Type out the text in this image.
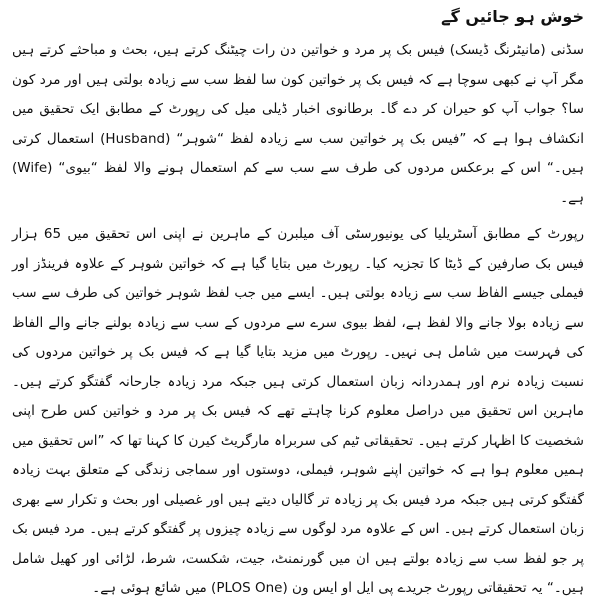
خوش ہو جائیں گے

سڈنی (مانیٹرنگ ڈیسک) فیس بک پر مرد و خواتین دن رات چیٹنگ کرتے ہیں، بحث و مباحثے کرتے ہیں مگر آپ نے کبھی سوچا ہے کہ فیس بک پر خواتین کون سا لفظ سب سے زیادہ بولتی ہیں اور مرد کون سا؟ جواب آپ کو حیران کر دے گا۔ برطانوی اخبار ڈیلی میل کی رپورٹ کے مطابق ایک تحقیق میں انکشاف ہوا ہے کہ ”فیس بک پر خواتین سب سے زیادہ لفظ “شوہر“ (Husband) استعمال کرتی ہیں۔“ اس کے برعکس مردوں کی طرف سے سب سے کم استعمال ہونے والا لفظ “بیوی“ (Wife) ہے۔

رپورٹ کے مطابق آسٹریلیا کی یونیورسٹی آف میلبرن کے ماہرین نے اپنی اس تحقیق میں 65 ہزار فیس بک صارفین کے ڈیٹا کا تجزیہ کیا۔ رپورٹ میں بتایا گیا ہے کہ خواتین شوہر کے علاوہ فرینڈز اور فیملی جیسے الفاظ سب سے زیادہ بولتی ہیں۔ ایسے میں جب لفظ شوہر خواتین کی طرف سے سب سے زیادہ بولا جانے والا لفظ ہے، لفظ بیوی سرے سے مردوں کے سب سے زیادہ بولنے جانے والے الفاظ کی فہرست میں شامل ہی نہیں۔ رپورٹ میں مزید بتایا گیا ہے کہ فیس بک پر خواتین مردوں کی نسبت زیادہ نرم اور ہمدردانہ زبان استعمال کرتی ہیں جبکہ مرد زیادہ جارحانہ گفتگو کرتے ہیں۔ ماہرین اس تحقیق میں دراصل معلوم کرنا چاہتے تھے کہ فیس بک پر مرد و خواتین کس طرح اپنی شخصیت کا اظہار کرتے ہیں۔ تحقیقاتی ٹیم کی سربراہ مارگریٹ کیرن کا کہنا تھا کہ ”اس تحقیق میں ہمیں معلوم ہوا ہے کہ خواتین اپنے شوہر، فیملی، دوستوں اور سماجی زندگی کے متعلق بہت زیادہ گفتگو کرتی ہیں جبکہ مرد فیس بک پر زیادہ تر گالیاں دیتے ہیں اور غصیلی اور بحث و تکرار سے بھری زبان استعمال کرتے ہیں۔ اس کے علاوہ مرد لوگوں سے زیادہ چیزوں پر گفتگو کرتے ہیں۔ مرد فیس بک پر جو لفظ سب سے زیادہ بولتے ہیں ان میں گورنمنٹ، جیت، شکست، شرط، لڑائی اور کھیل شامل ہیں۔“ یہ تحقیقاتی رپورٹ جریدے پی ایل او ایس ون (PLOS One) میں شائع ہوئی ہے۔
